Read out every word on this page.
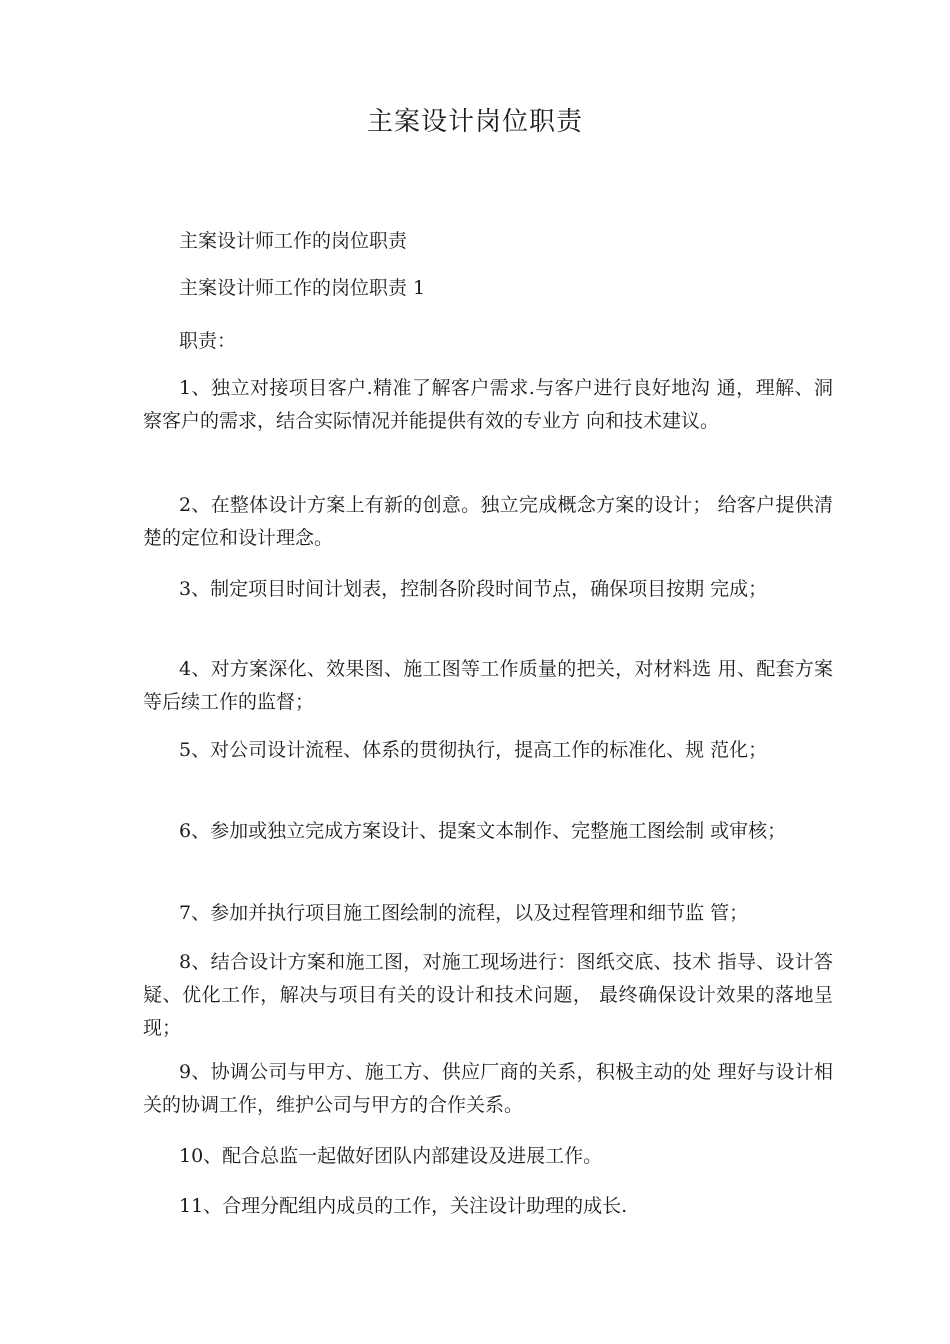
主案设计岗位职责

主案设计师工作的岗位职责

主案设计师工作的岗位职责 1

职责：

1、独立对接项目客户.精准了解客户需求.与客户进行良好地沟 通，理解、洞察客户的需求，结合实际情况并能提供有效的专业方 向和技术建议。

2、在整体设计方案上有新的创意。独立完成概念方案的设计； 给客户提供清楚的定位和设计理念。

3、制定项目时间计划表，控制各阶段时间节点，确保项目按期 完成；

4、对方案深化、效果图、施工图等工作质量的把关，对材料选 用、配套方案等后续工作的监督；

5、对公司设计流程、体系的贯彻执行，提高工作的标准化、规 范化；

6、参加或独立完成方案设计、提案文本制作、完整施工图绘制 或审核；

7、参加并执行项目施工图绘制的流程，以及过程管理和细节监 管；

8、结合设计方案和施工图，对施工现场进行：图纸交底、技术 指导、设计答疑、优化工作，解决与项目有关的设计和技术问题， 最终确保设计效果的落地呈现；

9、协调公司与甲方、施工方、供应厂商的关系，积极主动的处 理好与设计相关的协调工作，维护公司与甲方的合作关系。

10、配合总监一起做好团队内部建设及进展工作。

11、合理分配组内成员的工作，关注设计助理的成长.
